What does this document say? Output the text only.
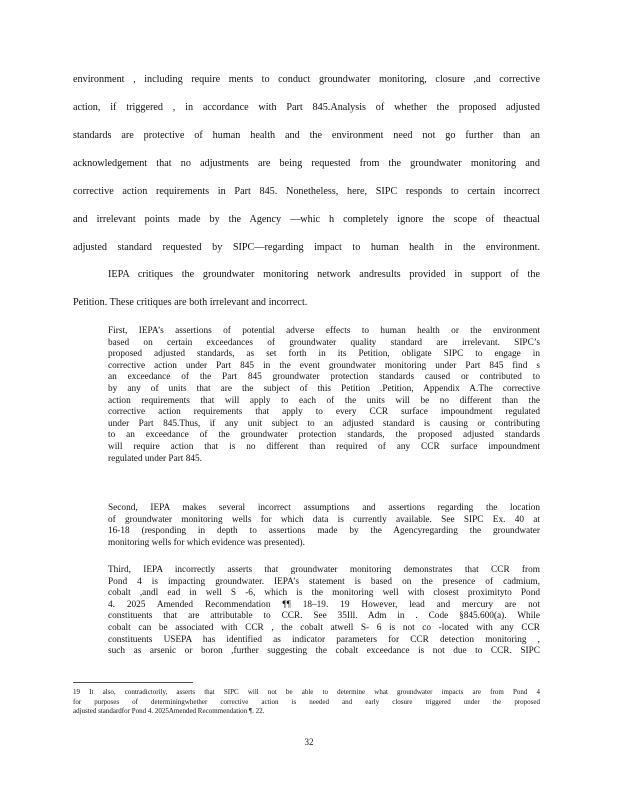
environment , including require ments to conduct groundwater monitoring, closure ,and corrective
action, if triggered , in accordance with Part 845.Analysis of whether the proposed adjusted
standards are protective of human health and the environment need not go further than an
acknowledgement that no adjustments are being requested from the groundwater monitoring and
corrective action requirements in Part 845. Nonetheless, here, SIPC responds to certain incorrect
and irrelevant points made by the Agency —whic h completely ignore the scope of theactual
adjusted standard requested by SIPC—regarding impact to human health in the environment.
IEPA critiques the groundwater monitoring network andresults provided in support of the
Petition. These critiques are both irrelevant and incorrect.
First, IEPA’s assertions of potential adverse effects to human health or the environment
based on certain exceedances of groundwater quality standard are irrelevant. SIPC’s
proposed adjusted standards, as set forth in its Petition, obligate SIPC to engage in
corrective action under Part 845 in the event groundwater monitoring under Part 845 find s
an exceedance of the Part 845 groundwater protection standards caused or contributed to
by any of units that are the subject of this Petition .Petition, Appendix A.The corrective
action requirements that will apply to each of the units will be no different than the
corrective action requirements that apply to every CCR surface impoundment regulated
under Part 845.Thus, if any unit subject to an adjusted standard is causing or contributing
to an exceedance of the groundwater protection standards, the proposed adjusted standards
will require action that is no different than required of any CCR surface impoundment
regulated under Part 845.
Second, IEPA makes several incorrect assumptions and assertions regarding the location
of groundwater monitoring wells for which data is currently available. See SIPC Ex. 40 at
16-18 (responding in depth to assertions made by the Agencyregarding the groundwater
monitoring wells for which evidence was presented).
Third, IEPA incorrectly asserts that groundwater monitoring demonstrates that CCR from
Pond 4 is impacting groundwater. IEPA’s statement is based on the presence of cadmium,
cobalt ,andl ead in well S -6, which is the monitoring well with closest proximityto Pond
4. 2025 Amended Recommendation ¶¶ 18–19. 19 However, lead and mercury are not
constituents that are attributable to CCR. See 35Ill. Adm in . Code §845.600(a). While
cobalt can be associated with CCR , the cobalt atwell S- 6 is not co -located with any CCR
constituents USEPA has identified as indicator parameters for CCR detection monitoring ,
such as arsenic or boron ,further suggesting the cobalt exceedance is not due to CCR. SIPC
19 It also, contradictorily, asserts that SIPC will not be able to determine what groundwater impacts are from Pond 4
for purposes of determiningwhether corrective action is needed and early closure triggered under the proposed
adjusted standardfor Pond 4. 2025Amended Recommendation ¶. 22.
32
